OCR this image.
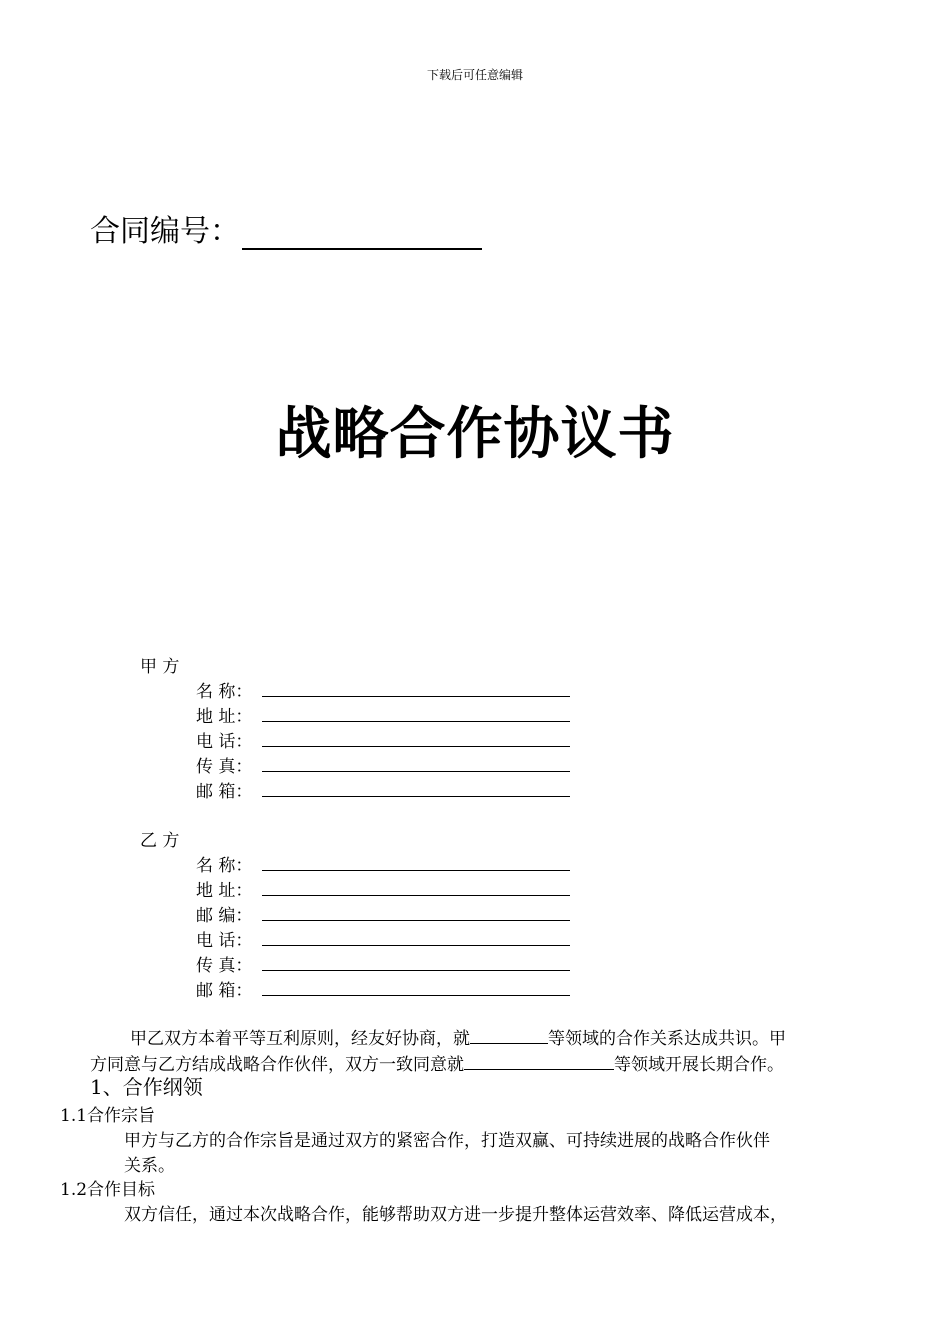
下载后可任意编辑
合同编号：
战略合作协议书
甲 方
名 称：
地 址：
电 话：
传 真：
邮 箱：
乙 方
名 称：
地 址：
邮 编：
电 话：
传 真：
邮 箱：
甲乙双方本着平等互利原则，经友好协商，就	等领域的合作关系达成共识。甲
方同意与乙方结成战略合作伙伴，双方一致同意就	等领域开展长期合作。
1、合作纲领
1.1合作宗旨
甲方与乙方的合作宗旨是通过双方的紧密合作，打造双赢、可持续进展的战略合作伙伴
关系。
1.2合作目标
双方信任，通过本次战略合作，能够帮助双方进一步提升整体运营效率、降低运营成本，
